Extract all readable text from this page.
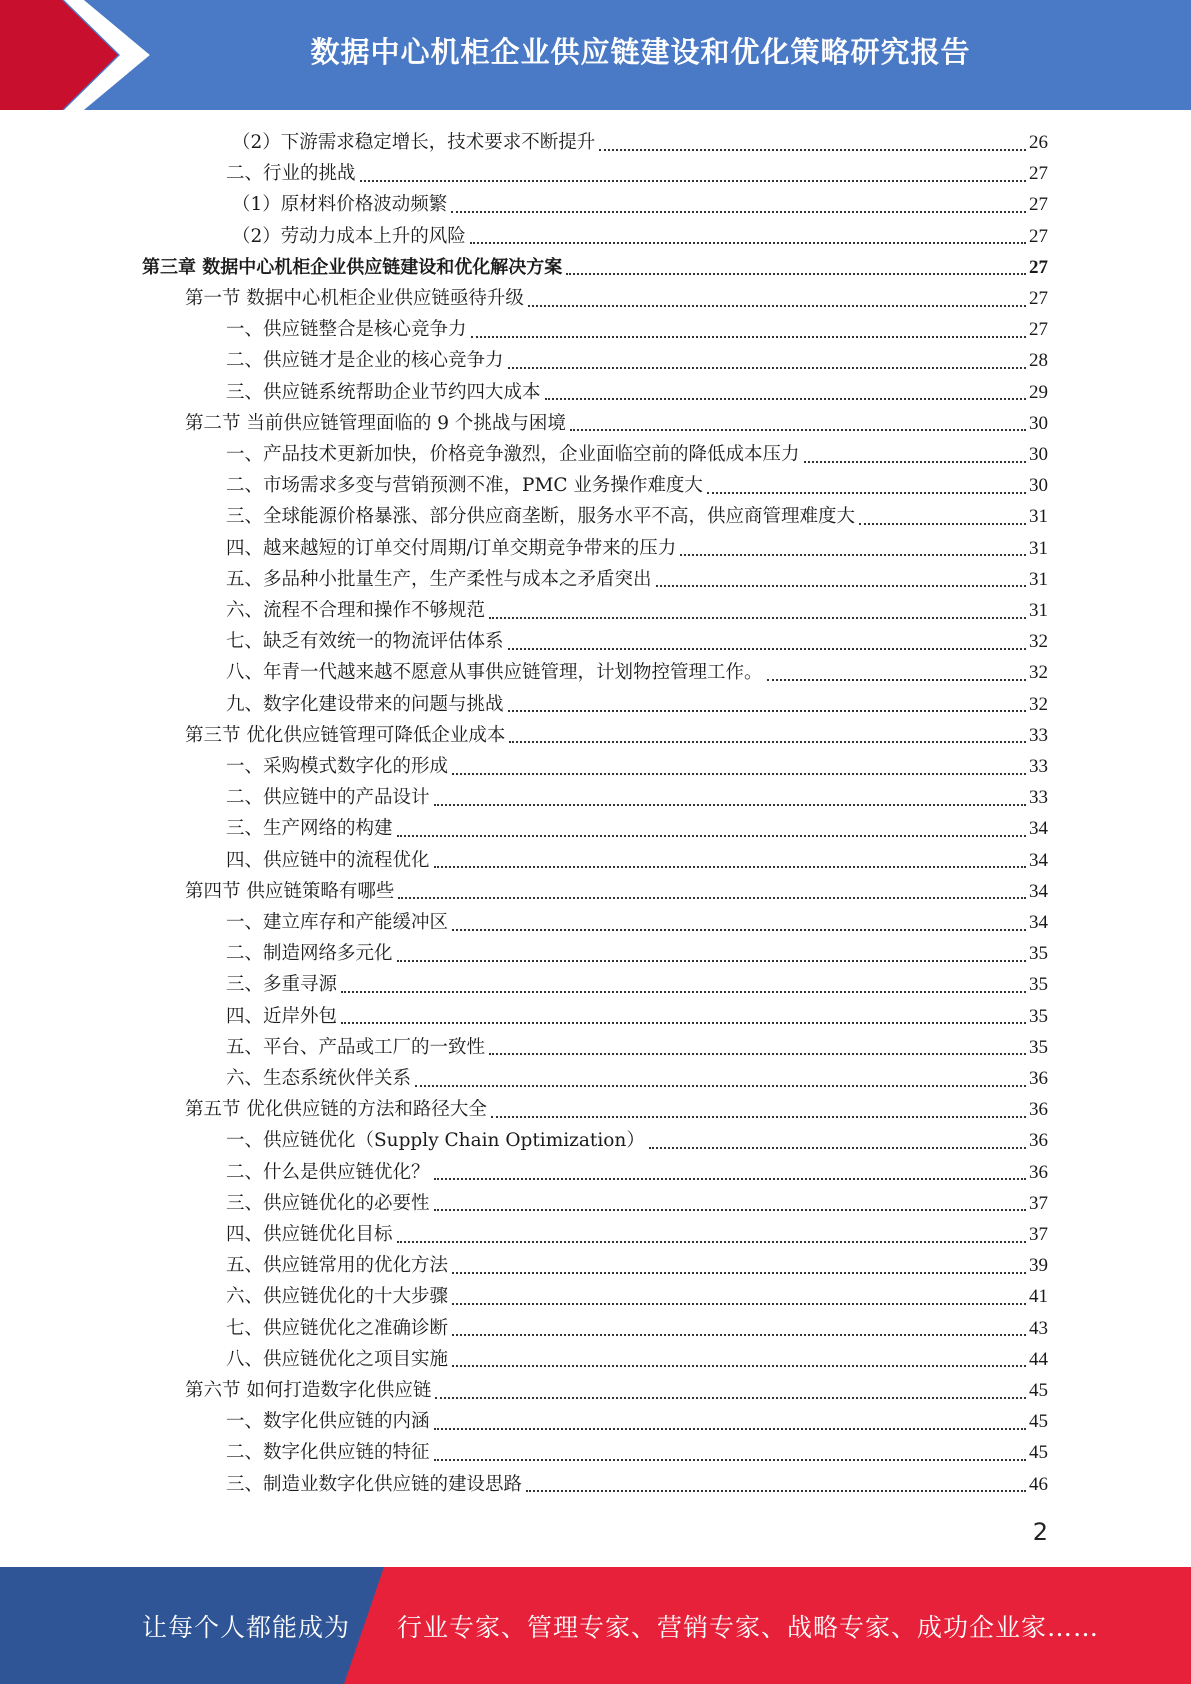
数据中心机柜企业供应链建设和优化策略研究报告
（2）下游需求稳定增长，技术要求不断提升	26
二、行业的挑战	27
（1）原材料价格波动频繁	27
（2）劳动力成本上升的风险	27
第三章 数据中心机柜企业供应链建设和优化解决方案	27
第一节 数据中心机柜企业供应链亟待升级	27
一、供应链整合是核心竞争力	27
二、供应链才是企业的核心竞争力	28
三、供应链系统帮助企业节约四大成本	29
第二节 当前供应链管理面临的 9 个挑战与困境	30
一、产品技术更新加快，价格竞争激烈，企业面临空前的降低成本压力	30
二、市场需求多变与营销预测不准，PMC 业务操作难度大	30
三、全球能源价格暴涨、部分供应商垄断，服务水平不高，供应商管理难度大	31
四、越来越短的订单交付周期/订单交期竞争带来的压力	31
五、多品种小批量生产，生产柔性与成本之矛盾突出	31
六、流程不合理和操作不够规范	31
七、缺乏有效统一的物流评估体系	32
八、年青一代越来越不愿意从事供应链管理，计划物控管理工作。	32
九、数字化建设带来的问题与挑战	32
第三节 优化供应链管理可降低企业成本	33
一、采购模式数字化的形成	33
二、供应链中的产品设计	33
三、生产网络的构建	34
四、供应链中的流程优化	34
第四节 供应链策略有哪些	34
一、建立库存和产能缓冲区	34
二、制造网络多元化	35
三、多重寻源	35
四、近岸外包	35
五、平台、产品或工厂的一致性	35
六、生态系统伙伴关系	36
第五节 优化供应链的方法和路径大全	36
一、供应链优化（Supply Chain Optimization）	36
二、什么是供应链优化？	36
三、供应链优化的必要性	37
四、供应链优化目标	37
五、供应链常用的优化方法	39
六、供应链优化的十大步骤	41
七、供应链优化之准确诊断	43
八、供应链优化之项目实施	44
第六节 如何打造数字化供应链	45
一、数字化供应链的内涵	45
二、数字化供应链的特征	45
三、制造业数字化供应链的建设思路	46
2
让每个人都能成为 行业专家、管理专家、营销专家、战略专家、成功企业家……
